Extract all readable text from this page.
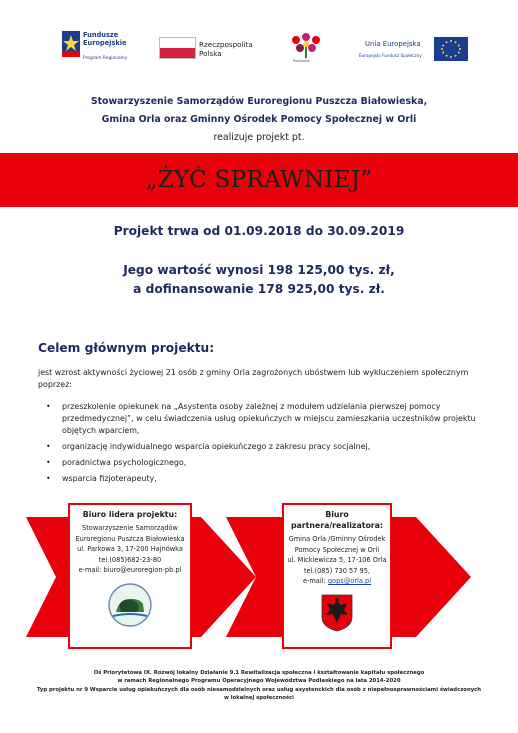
Fundusze
Europejskie
Program Regionalny
Rzeczpospolita
Polska
Podlaskie
Unia Europejska
Europejski Fundusz Społeczny
Stowarzyszenie Samorządów Euroregionu Puszcza Białowieska,
Gmina Orla oraz Gminny Ośrodek Pomocy Społecznej w Orli
realizuje projekt pt.
„ŻYĆ SPRAWNIEJ”
Projekt trwa od 01.09.2018 do 30.09.2019
Jego wartość wynosi 198 125,00 tys. zł,
a dofinansowanie 178 925,00 tys. zł.
Celem głównym projektu:
jest wzrost aktywności życiowej 21 osób z gminy Orla zagrożonych ubóstwem lub wykluczeniem społecznym poprzez:
• przeszkolenie opiekunek na „Asystenta osoby zależnej z modułem udzielania pierwszej pomocy przedmedycznej”, w celu świadczenia usług opiekuńczych w miejscu zamieszkania uczestników projektu objętych wparciem,
• organizację indywidualnego wsparcia opiekuńczego z zakresu pracy socjalnej,
• poradnictwa psychologicznego,
• wsparcia fizjoterapeuty,
Biuro lidera projektu:
Stowarzyszenie Samorządów
Euroregionu Puszcza Białowieska
ul. Parkowa 3, 17-200 Hajnówka
tel.(085)682-23-80
e-mail: biuro@euroregion-pb.pl
Biuro
partnera/realizatora:
Gmina Orla /Gminny Ośrodek
Pomocy Społecznej w Orli
ul. Mickiewicza 5, 17-106 Orla
tel.(085) 730 57 95,
e-mail: gops@orla.pl
Oś Priorytetowa IX. Rozwój lokalny Działanie 9.1 Rewitalizacja społeczna i kształtowanie kapitału społecznego
w ramach Regionalnego Programu Operacyjnego Województwa Podlaskiego na lata 2014-2020
Typ projektu nr 9 Wsparcie usług opiekuńczych dla osób niesamodzielnych oraz usług asystenckich dla osób z niepełnosprawnościami świadczonych
w lokalnej społeczności
